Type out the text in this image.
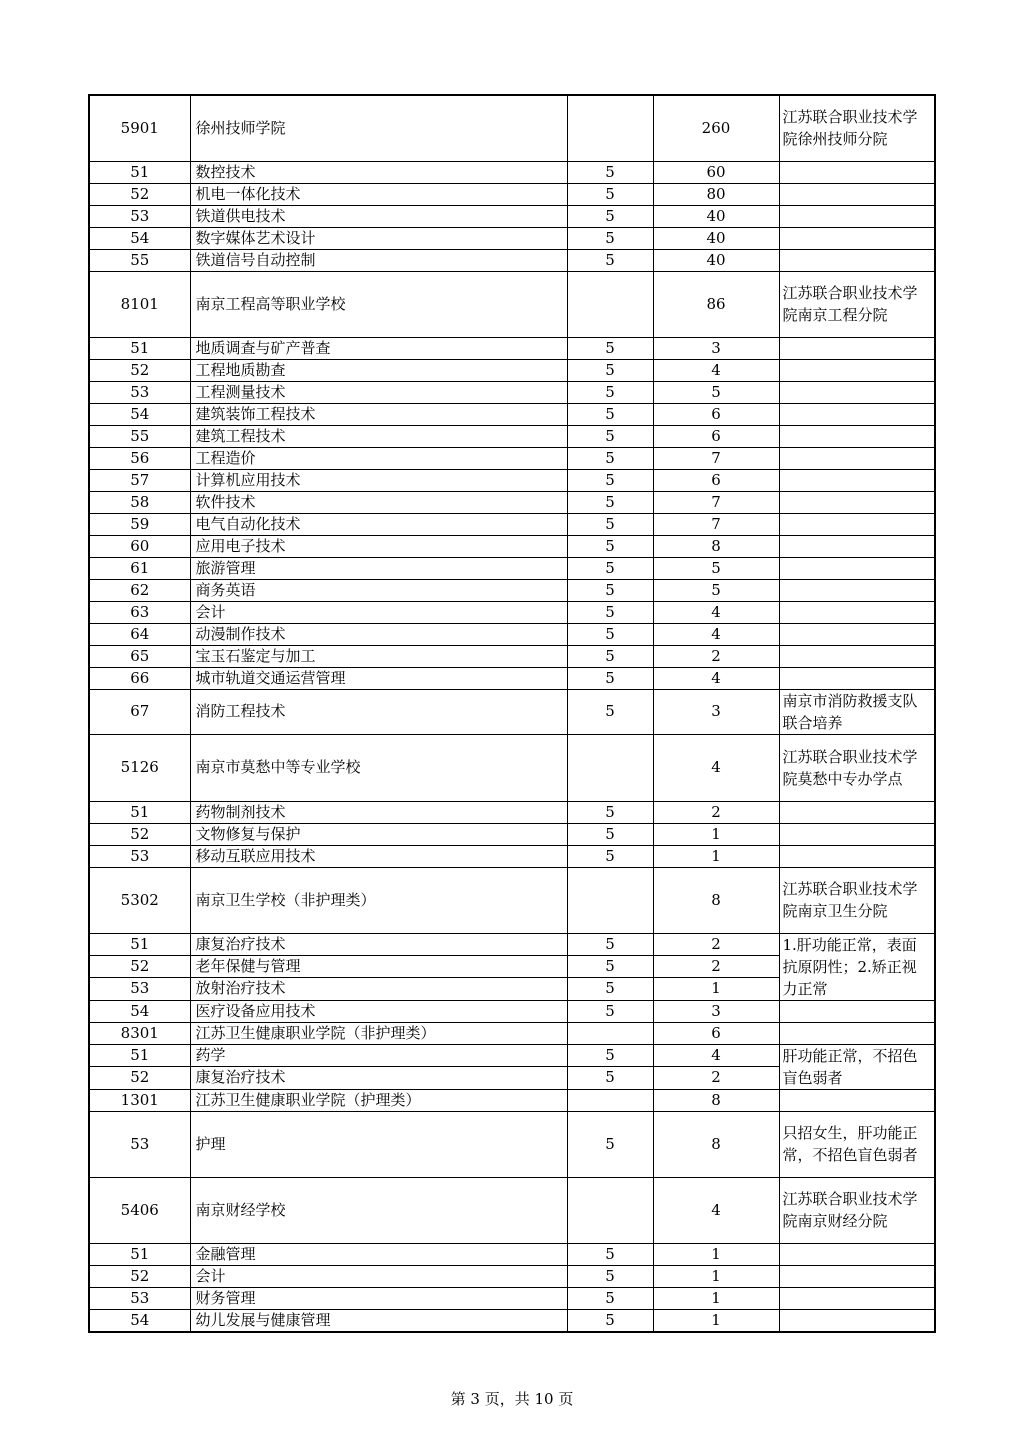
5901	徐州技师学院		260	江苏联合职业技术学院徐州技师分院
51	数控技术	5	60	
52	机电一体化技术	5	80	
53	铁道供电技术	5	40	
54	数字媒体艺术设计	5	40	
55	铁道信号自动控制	5	40	
8101	南京工程高等职业学校		86	江苏联合职业技术学院南京工程分院
51	地质调查与矿产普查	5	3	
52	工程地质勘查	5	4	
53	工程测量技术	5	5	
54	建筑装饰工程技术	5	6	
55	建筑工程技术	5	6	
56	工程造价	5	7	
57	计算机应用技术	5	6	
58	软件技术	5	7	
59	电气自动化技术	5	7	
60	应用电子技术	5	8	
61	旅游管理	5	5	
62	商务英语	5	5	
63	会计	5	4	
64	动漫制作技术	5	4	
65	宝玉石鉴定与加工	5	2	
66	城市轨道交通运营管理	5	4	
67	消防工程技术	5	3	南京市消防救援支队联合培养
5126	南京市莫愁中等专业学校		4	江苏联合职业技术学院莫愁中专办学点
51	药物制剂技术	5	2	
52	文物修复与保护	5	1	
53	移动互联应用技术	5	1	
5302	南京卫生学校（非护理类）		8	江苏联合职业技术学院南京卫生分院
51	康复治疗技术	5	2	1.肝功能正常，表面抗原阴性；2.矫正视力正常
52	老年保健与管理	5	2	
53	放射治疗技术	5	1	
54	医疗设备应用技术	5	3	
8301	江苏卫生健康职业学院（非护理类）		6	
51	药学	5	4	肝功能正常，不招色盲色弱者
52	康复治疗技术	5	2	
1301	江苏卫生健康职业学院（护理类）		8	
53	护理	5	8	只招女生，肝功能正常，不招色盲色弱者
5406	南京财经学校		4	江苏联合职业技术学院南京财经分院
51	金融管理	5	1	
52	会计	5	1	
53	财务管理	5	1	
54	幼儿发展与健康管理	5	1	
第 3 页，共 10 页
